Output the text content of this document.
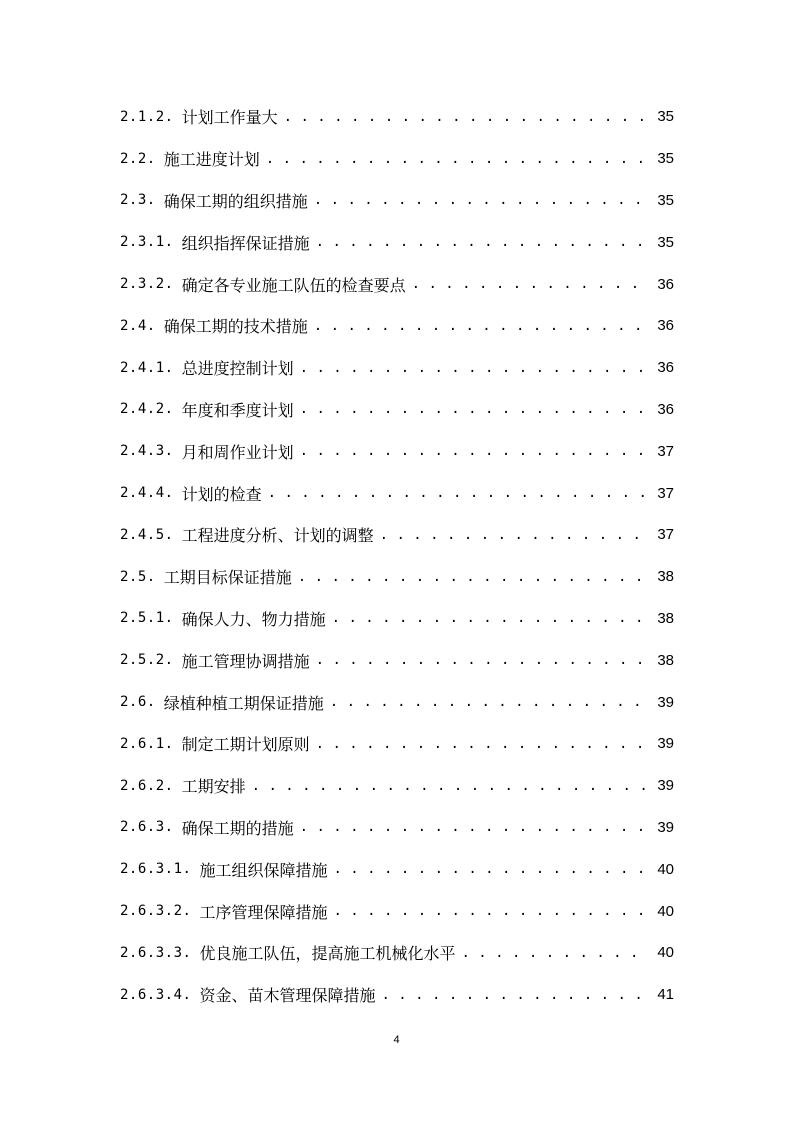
2.1.2. 计划工作量大 . . .	35
2.2. 施工进度计划 . . .	35
2.3. 确保工期的组织措施 . . .	35
2.3.1. 组织指挥保证措施 . . .	35
2.3.2. 确定各专业施工队伍的检查要点 . . .	36
2.4. 确保工期的技术措施 . . .	36
2.4.1. 总进度控制计划 . . .	36
2.4.2. 年度和季度计划 . . .	36
2.4.3. 月和周作业计划 . . .	37
2.4.4. 计划的检查 . . .	37
2.4.5. 工程进度分析、计划的调整 . . .	37
2.5. 工期目标保证措施 . . .	38
2.5.1. 确保人力、物力措施 . . .	38
2.5.2. 施工管理协调措施 . . .	38
2.6. 绿植种植工期保证措施 . . .	39
2.6.1. 制定工期计划原则 . . .	39
2.6.2. 工期安排 . . .	39
2.6.3. 确保工期的措施 . . .	39
2.6.3.1. 施工组织保障措施 . . .	40
2.6.3.2. 工序管理保障措施 . . .	40
2.6.3.3. 优良施工队伍，提高施工机械化水平 . . .	40
2.6.3.4. 资金、苗木管理保障措施 . . .	41
4
